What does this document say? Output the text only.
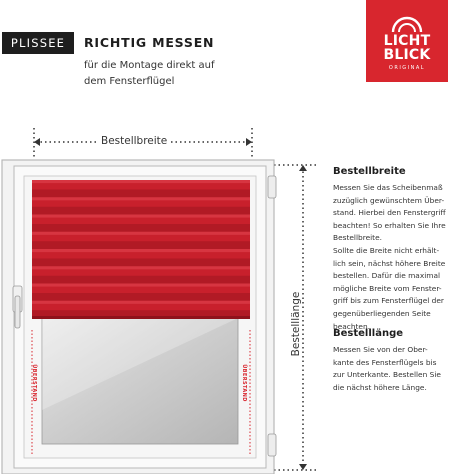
PLISSEE	RICHTIG MESSEN
für die Montage direkt auf
dem Fensterflügel
LICHT
BLICK
ORIGINAL
Bestellbreite
Bestelllänge
ÜBERSTAND	ÜBERSTAND
Bestellbreite

Messen Sie das Scheibenmaß

zuzüglich gewünschtem Über-

stand. Hierbei den Fenstergriff

beachten! So erhalten Sie Ihre

Bestellbreite.

Sollte die Breite nicht erhält-

lich sein, nächst höhere Breite

bestellen. Dafür die maximal

mögliche Breite vom Fenster-

griff bis zum Fensterflügel der

gegenüberliegenden Seite

beachten.

Bestelllänge

Messen Sie von der Ober-

kante des Fensterflügels bis

zur Unterkante. Bestellen Sie

die nächst höhere Länge.
